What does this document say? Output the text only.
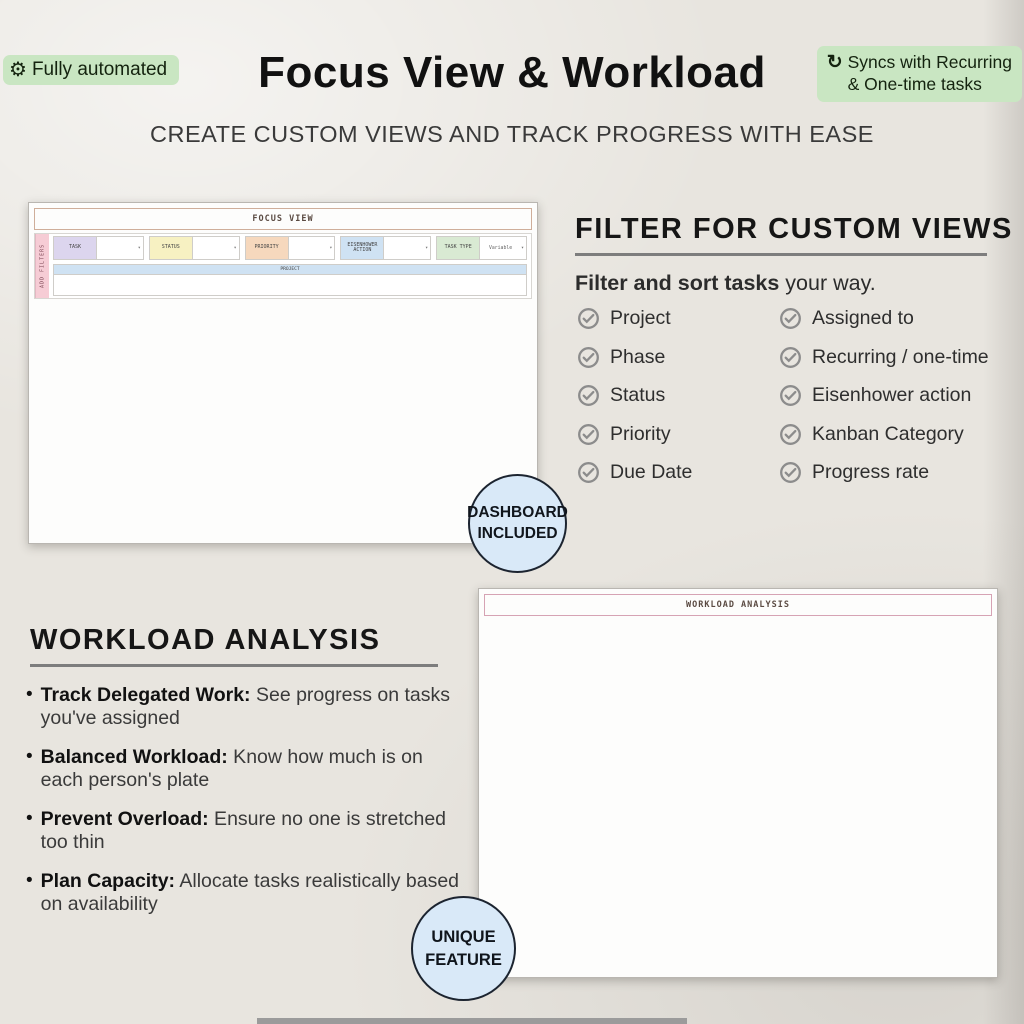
⚙ Fully automated	Focus View & Workload	↻ Syncs with Recurring
& One-time tasks
CREATE CUSTOM VIEWS AND TRACK PROGRESS WITH EASE
FOCUS VIEW
ADD FILTERS	TASK	▾	STATUS	▾	PRIORITY	▾
EISENHOWER ACTION	▾	TASK TYPE	Variable	▾
PROJECT
FILTER FOR CUSTOM VIEWS
Filter and sort tasks your way.
Project
Phase
Status
Priority
Due Date
Assigned to
Recurring / one-time
Eisenhower action
Kanban Category
Progress rate
DASHBOARD
INCLUDED
WORKLOAD ANALYSIS
• Track Delegated Work: See progress on tasks you've assigned
• Balanced Workload: Know how much is on each person's plate
• Prevent Overload: Ensure no one is stretched too thin
• Plan Capacity: Allocate tasks realistically based on availability
WORKLOAD ANALYSIS
UNIQUE
FEATURE
